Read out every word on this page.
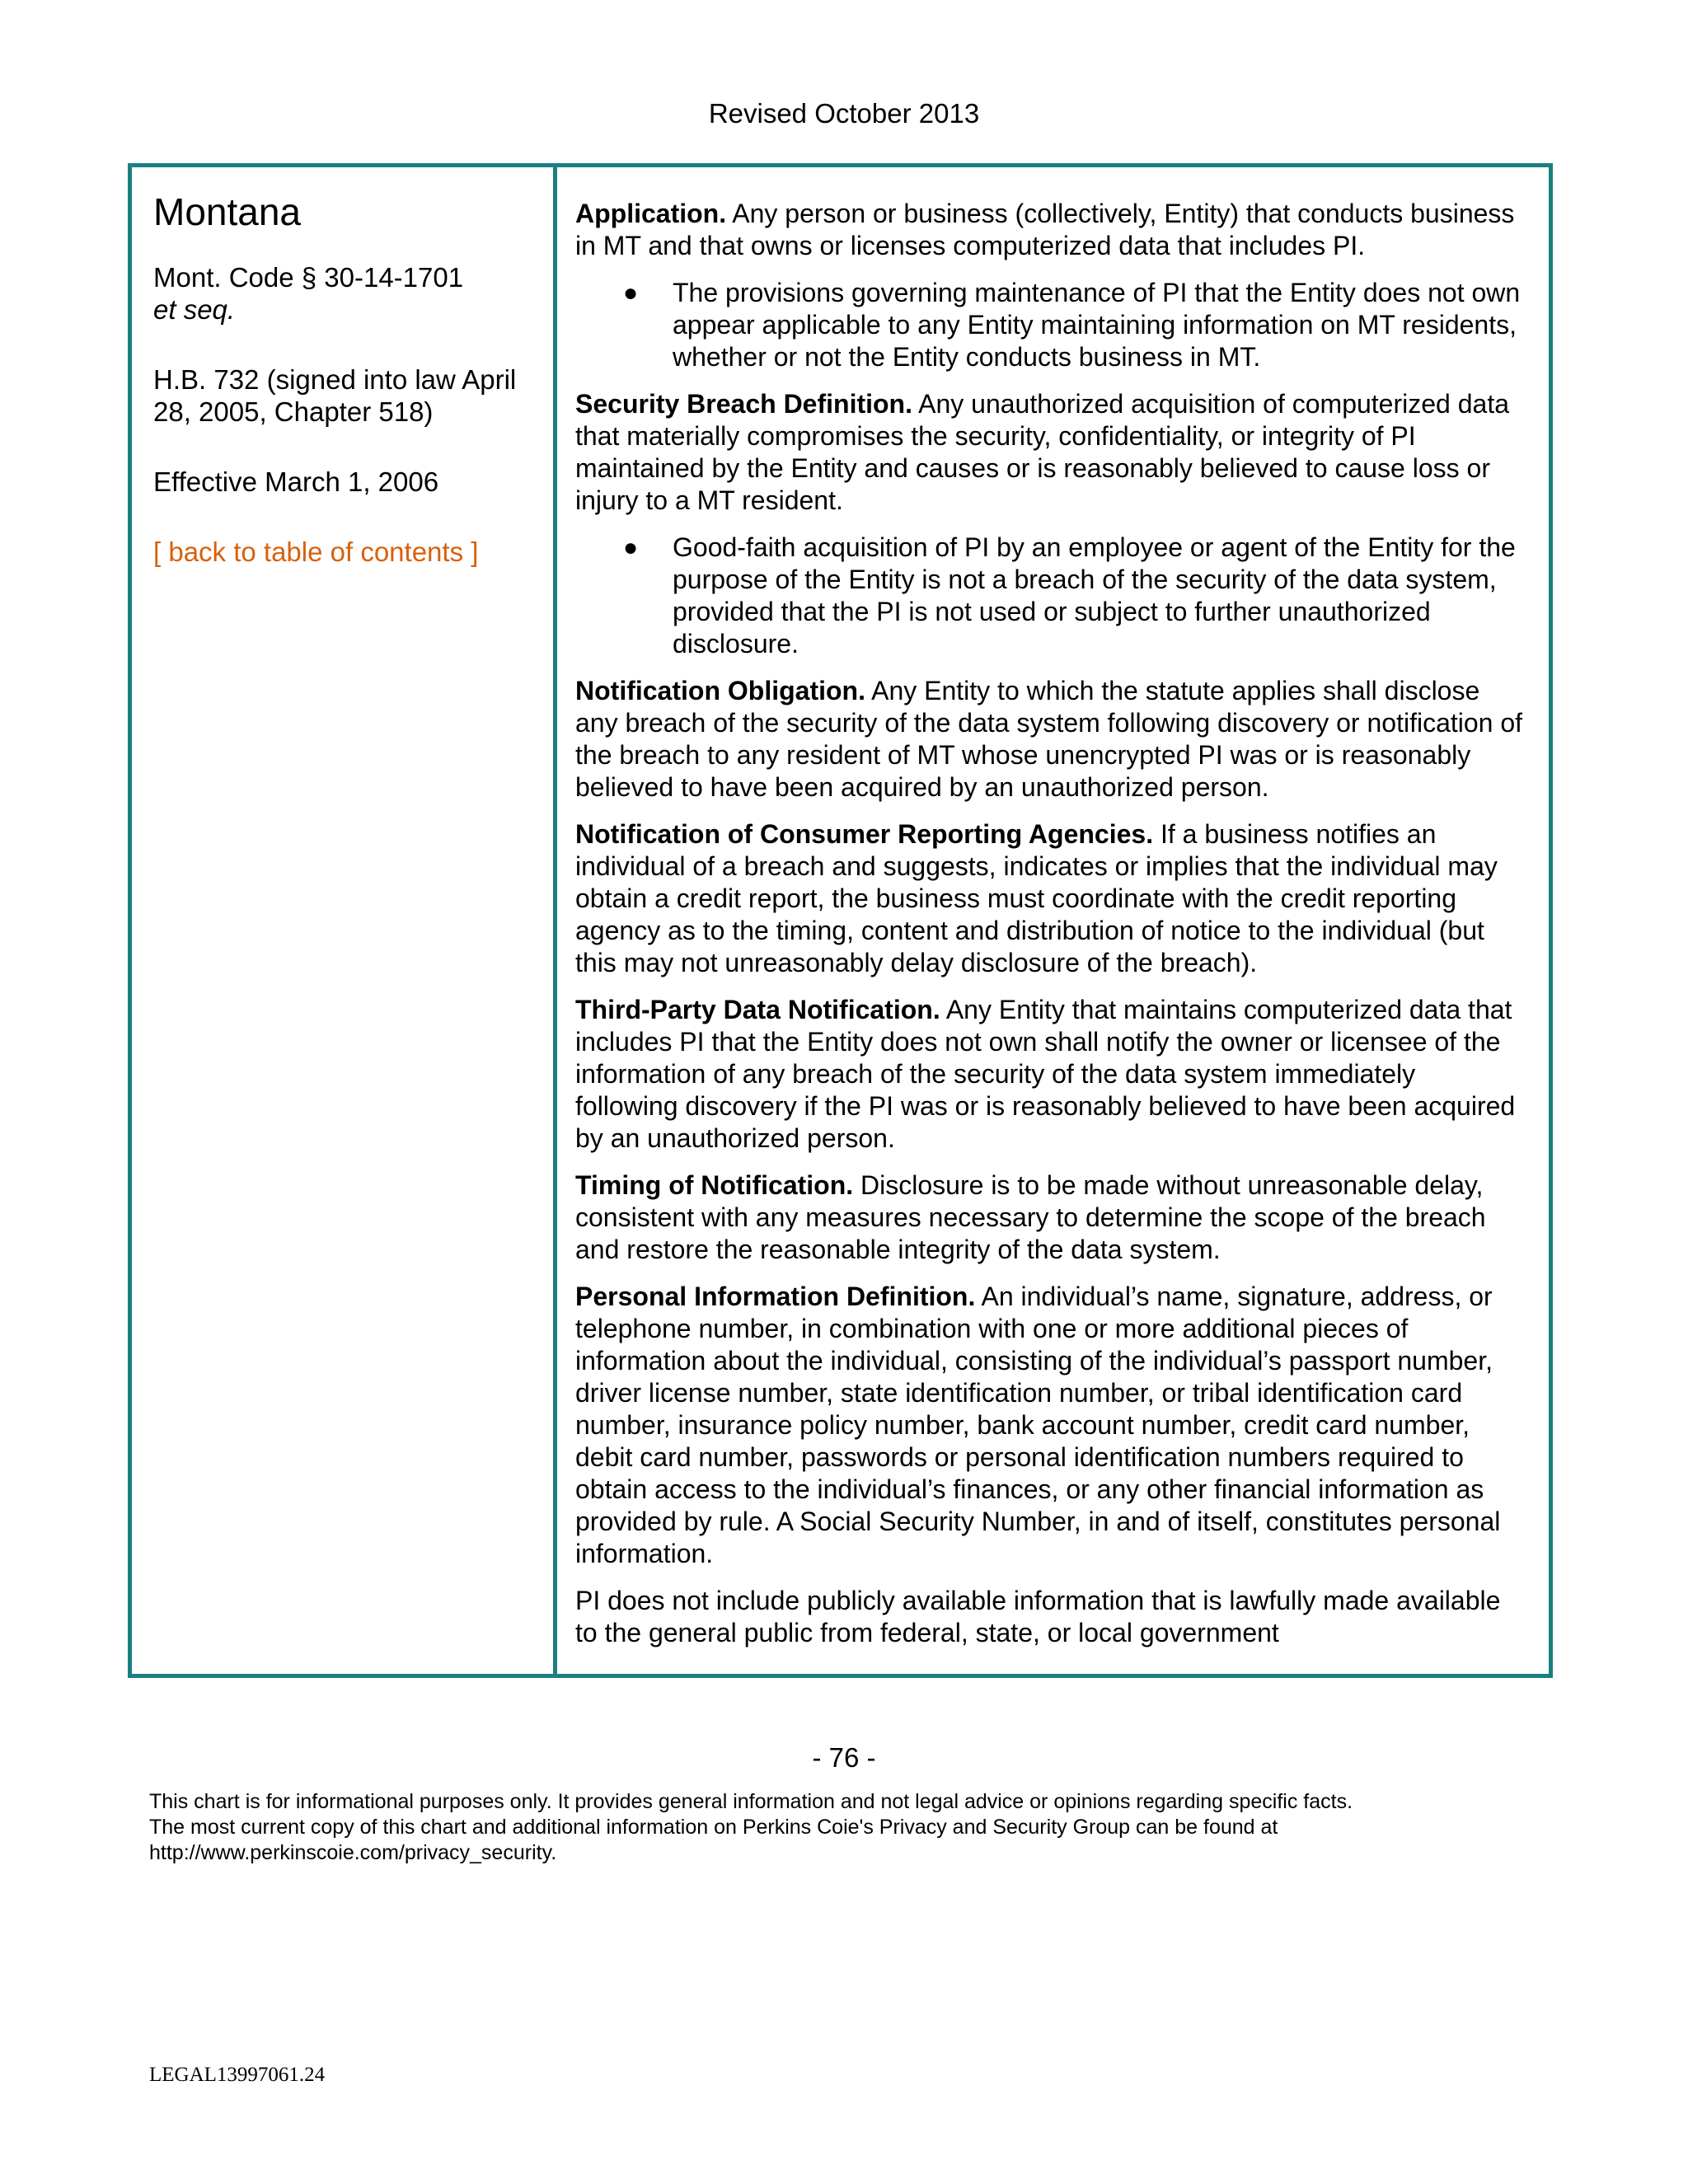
Revised October 2013
Montana
Mont. Code § 30-14-1701
et seq.
H.B. 732 (signed into law April 28, 2005, Chapter 518)
Effective March 1, 2006
[ back to table of contents ]

Application. Any person or business (collectively, Entity) that conducts business in MT and that owns or licenses computerized data that includes PI.

●	The provisions governing maintenance of PI that the Entity does not own appear applicable to any Entity maintaining information on MT residents, whether or not the Entity conducts business in MT.

Security Breach Definition. Any unauthorized acquisition of computerized data that materially compromises the security, confidentiality, or integrity of PI maintained by the Entity and causes or is reasonably believed to cause loss or injury to a MT resident.

●	Good-faith acquisition of PI by an employee or agent of the Entity for the purpose of the Entity is not a breach of the security of the data system, provided that the PI is not used or subject to further unauthorized disclosure.

Notification Obligation. Any Entity to which the statute applies shall disclose any breach of the security of the data system following discovery or notification of the breach to any resident of MT whose unencrypted PI was or is reasonably believed to have been acquired by an unauthorized person.

Notification of Consumer Reporting Agencies. If a business notifies an individual of a breach and suggests, indicates or implies that the individual may obtain a credit report, the business must coordinate with the credit reporting agency as to the timing, content and distribution of notice to the individual (but this may not unreasonably delay disclosure of the breach).

Third-Party Data Notification. Any Entity that maintains computerized data that includes PI that the Entity does not own shall notify the owner or licensee of the information of any breach of the security of the data system immediately following discovery if the PI was or is reasonably believed to have been acquired by an unauthorized person.

Timing of Notification. Disclosure is to be made without unreasonable delay, consistent with any measures necessary to determine the scope of the breach and restore the reasonable integrity of the data system.

Personal Information Definition. An individual’s name, signature, address, or telephone number, in combination with one or more additional pieces of information about the individual, consisting of the individual’s passport number, driver license number, state identification number, or tribal identification card number, insurance policy number, bank account number, credit card number, debit card number, passwords or personal identification numbers required to obtain access to the individual’s finances, or any other financial information as provided by rule. A Social Security Number, in and of itself, constitutes personal information.

PI does not include publicly available information that is lawfully made available to the general public from federal, state, or local government

- 76 -
This chart is for informational purposes only. It provides general information and not legal advice or opinions regarding specific facts.
The most current copy of this chart and additional information on Perkins Coie's Privacy and Security Group can be found at
http://www.perkinscoie.com/privacy_security.
LEGAL13997061.24
